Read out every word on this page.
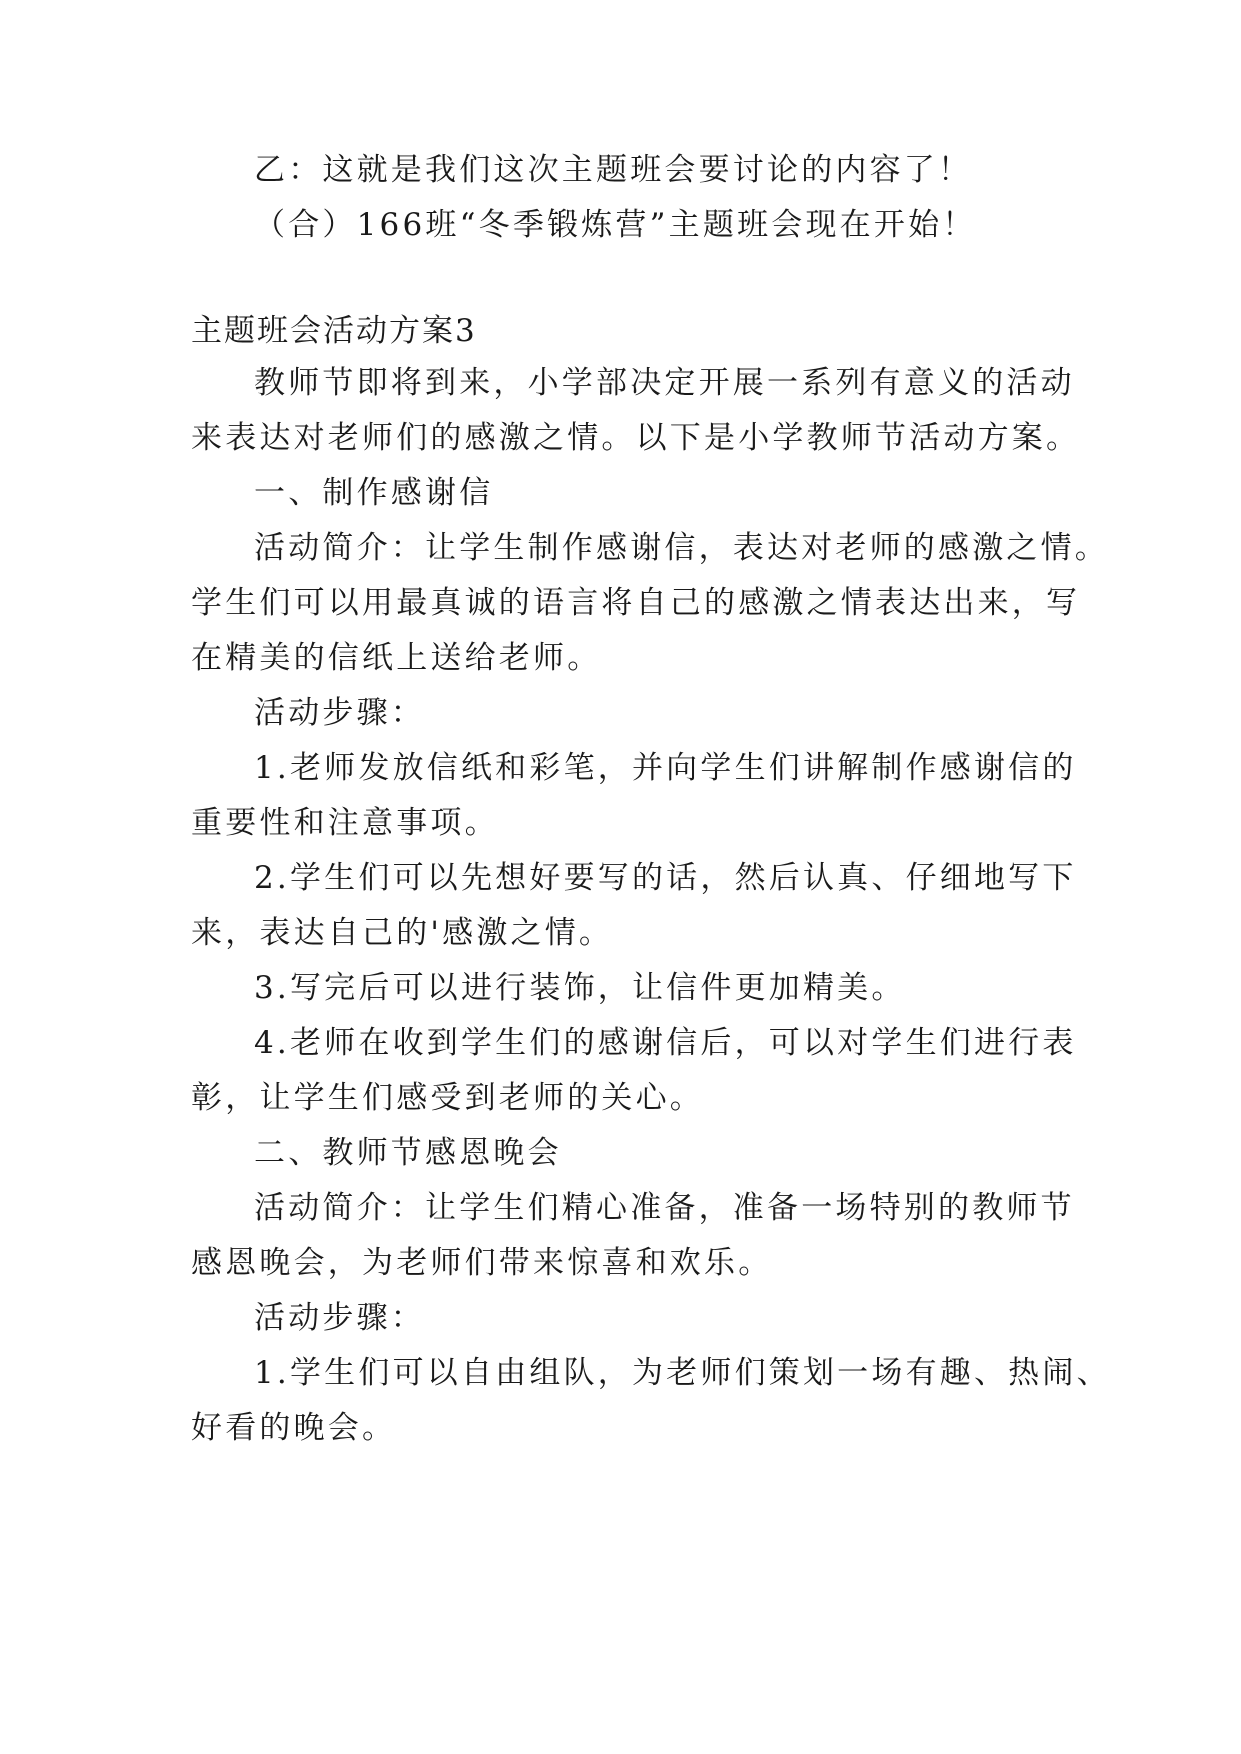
乙：这就是我们这次主题班会要讨论的内容了！

（合）166班“冬季锻炼营”主题班会现在开始！

主题班会活动方案3

教师节即将到来，小学部决定开展一系列有意义的活动

来表达对老师们的感激之情。以下是小学教师节活动方案。

一、制作感谢信

活动简介：让学生制作感谢信，表达对老师的感激之情。

学生们可以用最真诚的语言将自己的感激之情表达出来，写

在精美的信纸上送给老师。

活动步骤：

1.老师发放信纸和彩笔，并向学生们讲解制作感谢信的

重要性和注意事项。

2.学生们可以先想好要写的话，然后认真、仔细地写下

来，表达自己的'感激之情。

3.写完后可以进行装饰，让信件更加精美。

4.老师在收到学生们的感谢信后，可以对学生们进行表

彰，让学生们感受到老师的关心。

二、教师节感恩晚会

活动简介：让学生们精心准备，准备一场特别的教师节

感恩晚会，为老师们带来惊喜和欢乐。

活动步骤：

1.学生们可以自由组队，为老师们策划一场有趣、热闹、

好看的晚会。
